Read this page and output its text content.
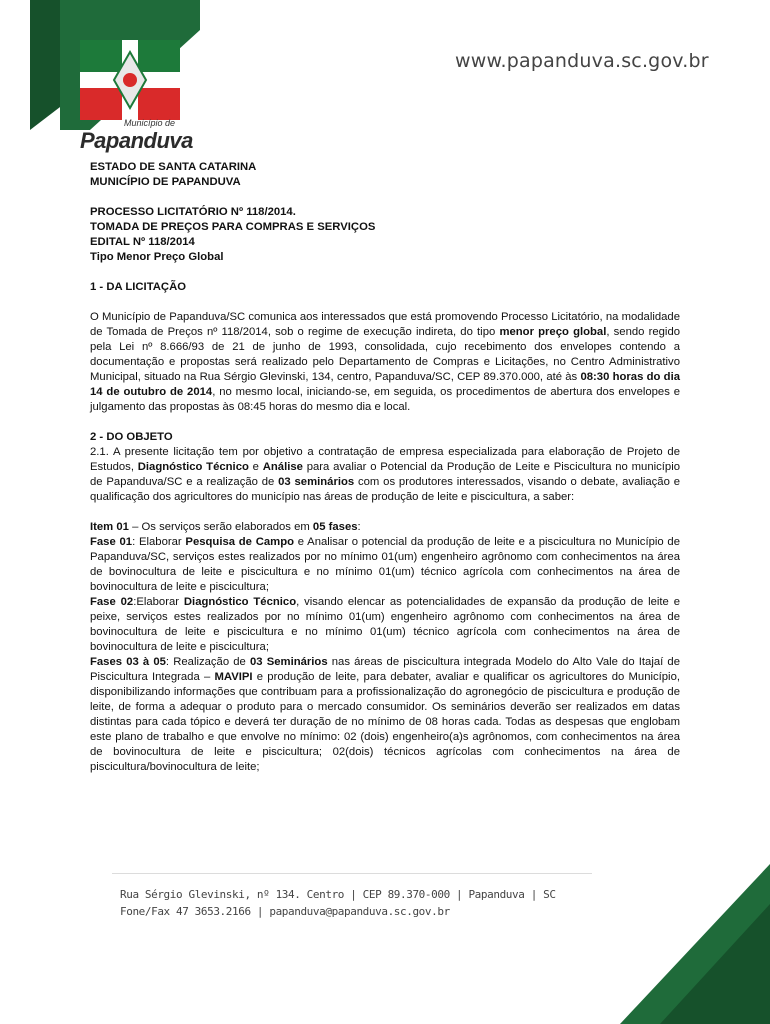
Município de
Papanduva
www.papanduva.sc.gov.br

ESTADO DE SANTA CATARINA

MUNICÍPIO DE PAPANDUVA

PROCESSO LICITATÓRIO Nº 118/2014.

TOMADA DE PREÇOS PARA COMPRAS E SERVIÇOS

EDITAL Nº 118/2014

Tipo Menor Preço Global

1 - DA LICITAÇÃO

O Município de Papanduva/SC comunica aos interessados que está promovendo Processo Licitatório, na modalidade de Tomada de Preços nº 118/2014, sob o regime de execução indireta, do tipo menor preço global, sendo regido pela Lei nº 8.666/93 de 21 de junho de 1993, consolidada, cujo recebimento dos envelopes contendo a documentação e propostas será realizado pelo Departamento de Compras e Licitações, no Centro Administrativo Municipal, situado na Rua Sérgio Glevinski, 134, centro, Papanduva/SC, CEP 89.370.000, até às 08:30 horas do dia 14 de outubro de 2014, no mesmo local, iniciando-se, em seguida, os procedimentos de abertura dos envelopes e julgamento das propostas às 08:45 horas do mesmo dia e local.

2 - DO OBJETO

2.1. A presente licitação tem por objetivo a contratação de empresa especializada para elaboração de Projeto de Estudos, Diagnóstico Técnico e Análise para avaliar o Potencial da Produção de Leite e Piscicultura no município de Papanduva/SC e a realização de 03 seminários com os produtores interessados, visando o debate, avaliação e qualificação dos agricultores do município nas áreas de produção de leite e piscicultura, a saber:

Item 01 – Os serviços serão elaborados em 05 fases:

Fase 01: Elaborar Pesquisa de Campo e Analisar o potencial da produção de leite e a piscicultura no Município de Papanduva/SC, serviços estes realizados por no mínimo 01(um) engenheiro agrônomo com conhecimentos na área de bovinocultura de leite e piscicultura e no mínimo 01(um) técnico agrícola com conhecimentos na área de bovinocultura de leite e piscicultura;

Fase 02:Elaborar Diagnóstico Técnico, visando elencar as potencialidades de expansão da produção de leite e peixe, serviços estes realizados por no mínimo 01(um) engenheiro agrônomo com conhecimentos na área de bovinocultura de leite e piscicultura e no mínimo 01(um) técnico agrícola com conhecimentos na área de bovinocultura de leite e piscicultura;

Fases 03 à 05: Realização de 03 Seminários nas áreas de piscicultura integrada Modelo do Alto Vale do Itajaí de Piscicultura Integrada – MAVIPI e produção de leite, para debater, avaliar e qualificar os agricultores do Município, disponibilizando informações que contribuam para a profissionalização do agronegócio de piscicultura e produção de leite, de forma a adequar o produto para o mercado consumidor. Os seminários deverão ser realizados em datas distintas para cada tópico e deverá ter duração de no mínimo de 08 horas cada. Todas as despesas que englobam este plano de trabalho e que envolve no mínimo: 02 (dois) engenheiro(a)s agrônomos, com conhecimentos na área de bovinocultura de leite e piscicultura; 02(dois) técnicos agrícolas com conhecimentos na área de piscicultura/bovinocultura de leite;

Rua Sérgio Glevinski, nº 134. Centro | CEP 89.370-000 | Papanduva | SC
Fone/Fax 47 3653.2166 | papanduva@papanduva.sc.gov.br
